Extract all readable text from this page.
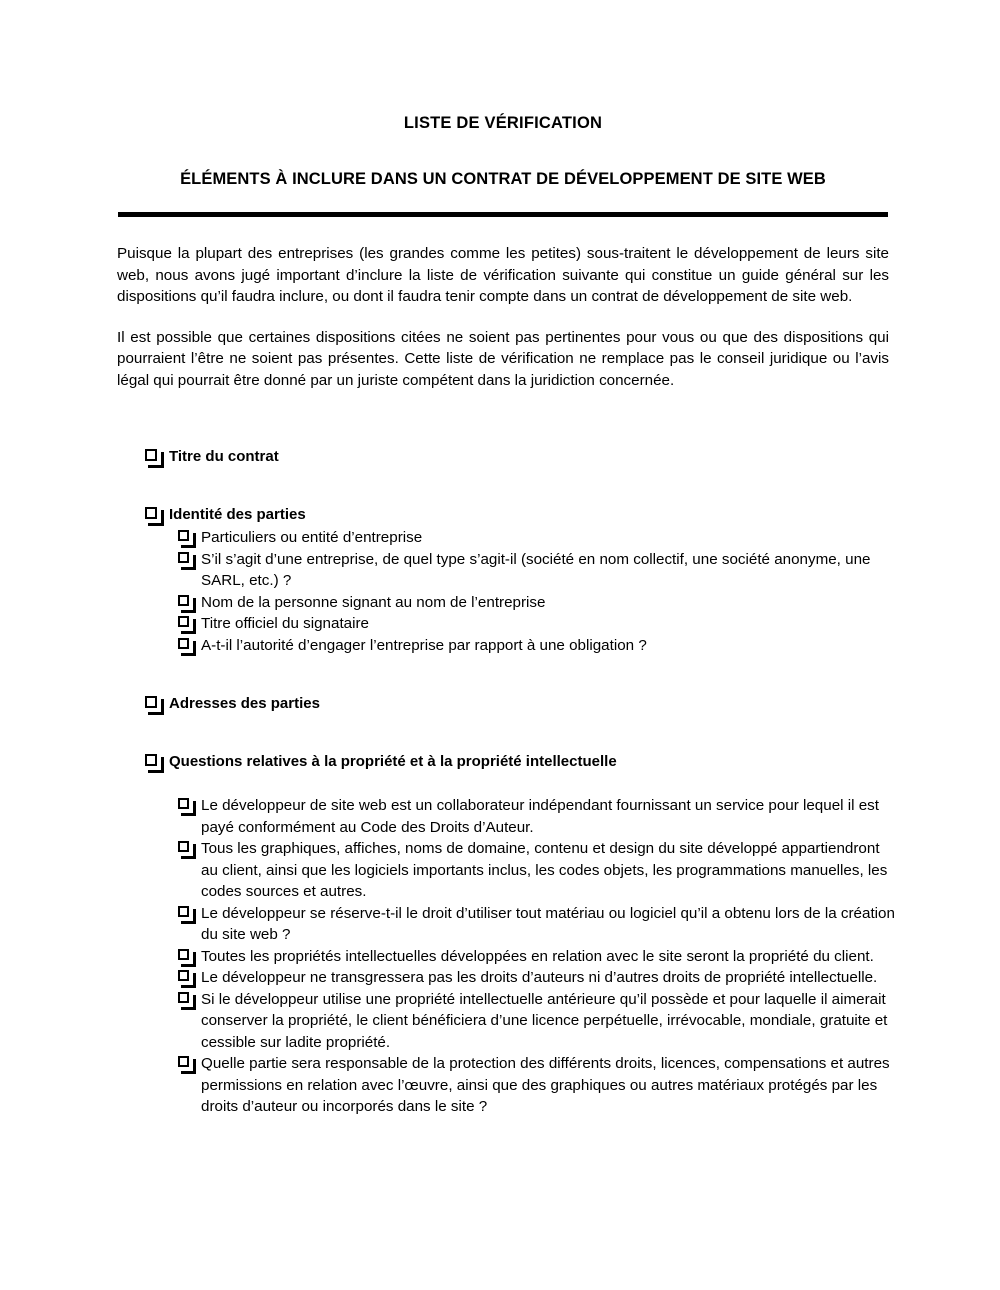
LISTE DE VÉRIFICATION
ÉLÉMENTS À INCLURE DANS UN CONTRAT DE DÉVELOPPEMENT DE SITE WEB

Puisque la plupart des entreprises (les grandes comme les petites) sous-traitent le développement de leurs site web, nous avons jugé important d’inclure la liste de vérification suivante qui constitue un guide général sur les dispositions qu’il faudra inclure, ou dont il faudra tenir compte dans un contrat de développement de site web.

Il est possible que certaines dispositions citées ne soient pas pertinentes pour vous ou que des dispositions qui pourraient l’être ne soient pas présentes. Cette liste de vérification ne remplace pas le conseil juridique ou l’avis légal qui pourrait être donné par un juriste compétent dans la juridiction concernée.

Titre du contrat
Identité des parties
Particuliers ou entité d’entreprise
S’il s’agit d’une entreprise, de quel type s’agit-il (société en nom collectif, une société anonyme, une SARL, etc.) ?
Nom de la personne signant au nom de l’entreprise
Titre officiel du signataire
A-t-il l’autorité d’engager l’entreprise par rapport à une obligation ?
Adresses des parties
Questions relatives à la propriété et à la propriété intellectuelle
Le développeur de site web est un collaborateur indépendant fournissant un service pour lequel il est payé conformément au Code des Droits d’Auteur.
Tous les graphiques, affiches, noms de domaine, contenu et design du site développé appartiendront au client, ainsi que les logiciels importants inclus, les codes objets, les programmations manuelles, les codes sources et autres.
Le développeur se réserve-t-il le droit d’utiliser tout matériau ou logiciel qu’il a obtenu lors de la création du site web ?
Toutes les propriétés intellectuelles développées en relation avec le site seront la propriété du client.
Le développeur ne transgressera pas les droits d’auteurs ni d’autres droits de propriété intellectuelle.
Si le développeur utilise une propriété intellectuelle antérieure qu’il possède et pour laquelle il aimerait conserver la propriété, le client bénéficiera d’une licence perpétuelle, irrévocable, mondiale, gratuite et cessible sur ladite propriété.
Quelle partie sera responsable de la protection des différents droits, licences, compensations et autres permissions en relation avec l’œuvre, ainsi que des graphiques ou autres matériaux protégés par les droits d’auteur ou incorporés dans le site ?
